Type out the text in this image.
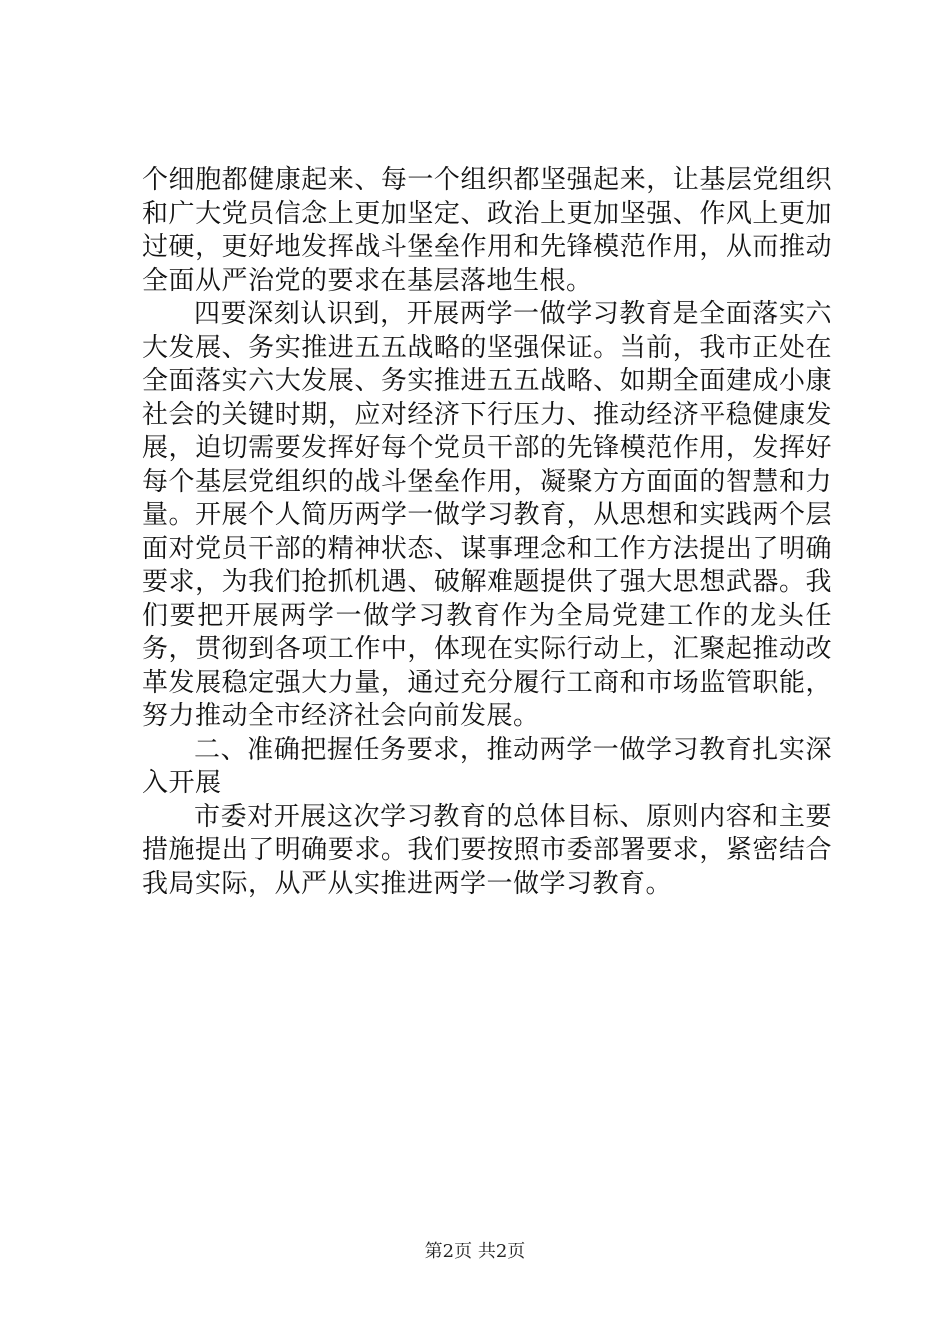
个细胞都健康起来、每一个组织都坚强起来，让基层党组织和广大党员信念上更加坚定、政治上更加坚强、作风上更加过硬，更好地发挥战斗堡垒作用和先锋模范作用，从而推动全面从严治党的要求在基层落地生根。

四要深刻认识到，开展两学一做学习教育是全面落实六大发展、务实推进五五战略的坚强保证。当前，我市正处在全面落实六大发展、务实推进五五战略、如期全面建成小康社会的关键时期，应对经济下行压力、推动经济平稳健康发展，迫切需要发挥好每个党员干部的先锋模范作用，发挥好每个基层党组织的战斗堡垒作用，凝聚方方面面的智慧和力量。开展个人简历两学一做学习教育，从思想和实践两个层面对党员干部的精神状态、谋事理念和工作方法提出了明确要求，为我们抢抓机遇、破解难题提供了强大思想武器。我们要把开展两学一做学习教育作为全局党建工作的龙头任务，贯彻到各项工作中，体现在实际行动上，汇聚起推动改革发展稳定强大力量，通过充分履行工商和市场监管职能，努力推动全市经济社会向前发展。

二、准确把握任务要求，推动两学一做学习教育扎实深入开展

市委对开展这次学习教育的总体目标、原则内容和主要措施提出了明确要求。我们要按照市委部署要求，紧密结合我局实际，从严从实推进两学一做学习教育。

第2页 共2页
